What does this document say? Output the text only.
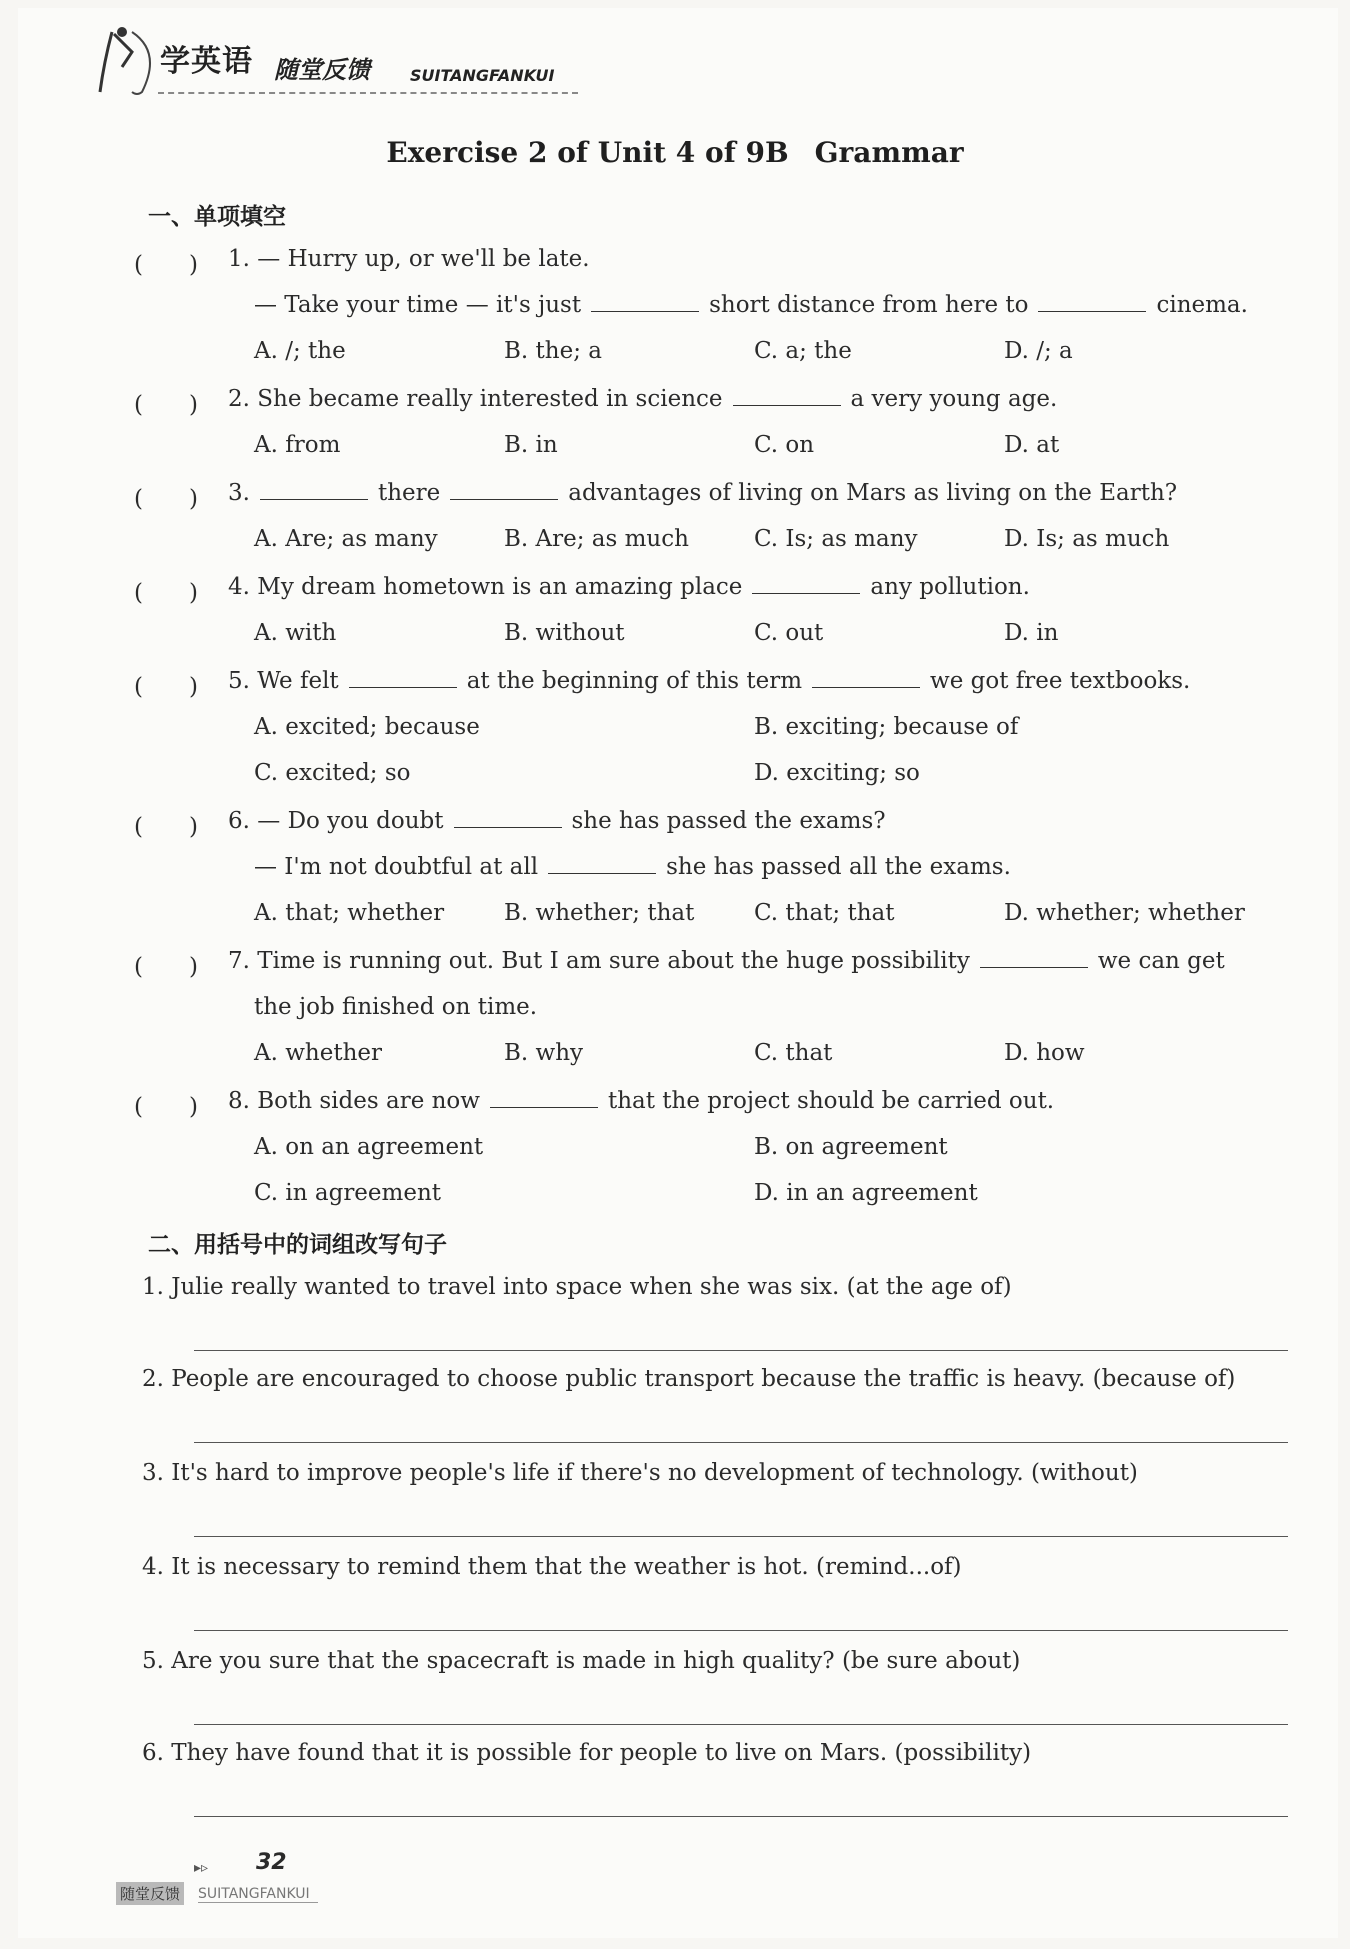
学英语 随堂反馈	SUITANGFANKUI
Exercise 2 of Unit 4 of 9B Grammar
一、单项填空
(　　) 1. — Hurry up, or we'll be late.
— Take your time — it's just	short distance from here to	cinema.
A. /; the	B. the; a	C. a; the	D. /; a
(　　) 2. She became really interested in science	a very young age.
A. from	B. in	C. on	D. at
(　　) 3.	there	advantages of living on Mars as living on the Earth?
A. Are; as many	B. Are; as much	C. Is; as many	D. Is; as much
(　　) 4. My dream hometown is an amazing place	any pollution.
A. with	B. without	C. out	D. in
(　　) 5. We felt	at the beginning of this term	we got free textbooks.
A. excited; because	B. exciting; because of
C. excited; so	D. exciting; so
(　　) 6. — Do you doubt	she has passed the exams?
— I'm not doubtful at all	she has passed all the exams.
A. that; whether	B. whether; that	C. that; that	D. whether; whether
(　　) 7. Time is running out. But I am sure about the huge possibility	we can get
the job finished on time.
A. whether	B. why	C. that	D. how
(　　) 8. Both sides are now	that the project should be carried out.
A. on an agreement	B. on agreement
C. in agreement	D. in an agreement
二、用括号中的词组改写句子
1. Julie really wanted to travel into space when she was six. (at the age of)
2. People are encouraged to choose public transport because the traffic is heavy. (because of)
3. It's hard to improve people's life if there's no development of technology. (without)
4. It is necessary to remind them that the weather is hot. (remind...of)
5. Are you sure that the spacecraft is made in high quality? (be sure about)
6. They have found that it is possible for people to live on Mars. (possibility)
▸▹ 32
随堂反馈 SUITANGFANKUI
